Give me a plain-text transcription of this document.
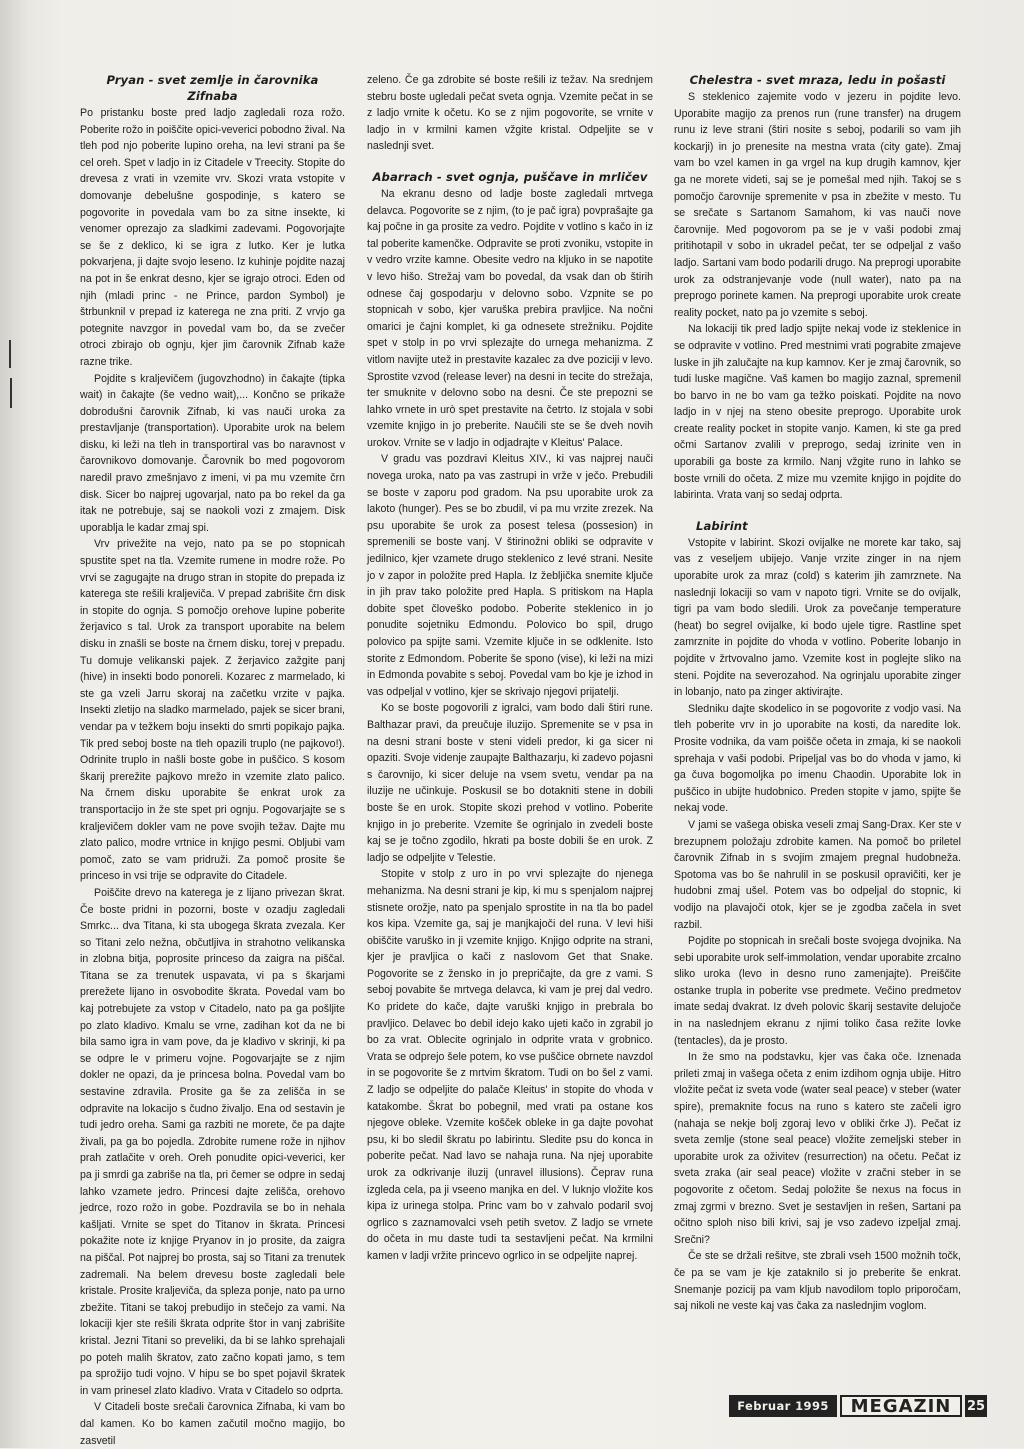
Pryan - svet zemlje in čarovnika Zifnaba

Po pristanku boste pred ladjo zagledali roza rožo. Poberite rožo in poiščite opici-veverici pobodno žival. Na tleh pod njo poberite lupino oreha, na levi strani pa še cel oreh. Spet v ladjo in iz Citadele v Treecity. Stopite do drevesa z vrati in vzemite vrv. Skozi vrata vstopite v domovanje debelušne gospodinje, s katero se pogovorite in povedala vam bo za sitne insekte, ki venomer oprezajo za sladkimi zadevami. Pogovorjajte se še z deklico, ki se igra z lutko. Ker je lutka pokvarjena, ji dajte svojo leseno. Iz kuhinje pojdite nazaj na pot in še enkrat desno, kjer se igrajo otroci. Eden od njih (mladi princ - ne Prince, pardon Symbol) je štrbunknil v prepad iz katerega ne zna priti. Z vrvjo ga potegnite navzgor in povedal vam bo, da se zvečer otroci zbirajo ob ognju, kjer jim čarovnik Zifnab kaže razne trike.

Pojdite s kraljevičem (jugovzhodno) in čakajte (tipka wait) in čakajte (še vedno wait),... Končno se prikaže dobrodušni čarovnik Zifnab, ki vas nauči uroka za prestavljanje (transportation). Uporabite urok na belem disku, ki leži na tleh in transportiral vas bo naravnost v čarovnikovo domovanje. Čarovnik bo med pogovorom naredil pravo zmešnjavo z imeni, vi pa mu vzemite črn disk. Sicer bo najprej ugovarjal, nato pa bo rekel da ga itak ne potrebuje, saj se naokoli vozi z zmajem. Disk uporablja le kadar zmaj spi.

Vrv privežite na vejo, nato pa se po stopnicah spustite spet na tla. Vzemite rumene in modre rože. Po vrvi se zagugajte na drugo stran in stopite do prepada iz katerega ste rešili kraljeviča. V prepad zabrišite črn disk in stopite do ognja. S pomočjo orehove lupine poberite žerjavico s tal. Urok za transport uporabite na belem disku in znašli se boste na črnem disku, torej v prepadu. Tu domuje velikanski pajek. Z žerjavico zažgite panj (hive) in insekti bodo ponoreli. Kozarec z marmelado, ki ste ga vzeli Jarru skoraj na začetku vrzite v pajka. Insekti zletijo na sladko marmelado, pajek se sicer brani, vendar pa v težkem boju insekti do smrti popikajo pajka. Tik pred seboj boste na tleh opazili truplo (ne pajkovo!). Odrinite truplo in našli boste gobe in puščico. S kosom škarij prerežite pajkovo mrežo in vzemite zlato palico. Na črnem disku uporabite še enkrat urok za transportacijo in že ste spet pri ognju. Pogovarjajte se s kraljevičem dokler vam ne pove svojih težav. Dajte mu zlato palico, modre vrtnice in knjigo pesmi. Obljubi vam pomoč, zato se vam pridruži. Za pomoč prosite še princeso in vsi trije se odpravite do Citadele.

Poiščite drevo na katerega je z lijano privezan škrat. Če boste pridni in pozorni, boste v ozadju zagledali Smrkc... dva Titana, ki sta ubogega škrata zvezala. Ker so Titani zelo nežna, občutljiva in strahotno velikanska in zlobna bitja, poprosite princeso da zaigra na piščal. Titana se za trenutek uspavata, vi pa s škarjami prerežete lijano in osvobodite škrata. Povedal vam bo kaj potrebujete za vstop v Citadelo, nato pa ga pošljite po zlato kladivo. Kmalu se vrne, zadihan kot da ne bi bila samo igra in vam pove, da je kladivo v skrinji, ki pa se odpre le v primeru vojne. Pogovarjajte se z njim dokler ne opazi, da je princesa bolna. Povedal vam bo sestavine zdravila. Prosite ga še za zelišča in se odpravite na lokacijo s čudno živaljo. Ena od sestavin je tudi jedro oreha. Sami ga razbiti ne morete, če pa dajte živali, pa ga bo pojedla. Zdrobite rumene rože in njihov prah zatlačite v oreh. Oreh ponudite opici-veverici, ker pa ji smrdi ga zabriše na tla, pri čemer se odpre in sedaj lahko vzamete jedro. Princesi dajte zelišča, orehovo jedrce, rozo rožo in gobe. Pozdravila se bo in nehala kašljati. Vrnite se spet do Titanov in škrata. Princesi pokažite note iz knjige Pryanov in jo prosite, da zaigra na piščal. Pot najprej bo prosta, saj so Titani za trenutek zadremali. Na belem drevesu boste zagledali bele kristale. Prosite kraljeviča, da spleza ponje, nato pa urno zbežite. Titani se takoj prebudijo in stečejo za vami. Na lokaciji kjer ste rešili škrata odprite štor in vanj zabrišite kristal. Jezni Titani so preveliki, da bi se lahko sprehajali po poteh malih škratov, zato začno kopati jamo, s tem pa sprožijo tudi vojno. V hipu se bo spet pojavil škratek in vam prinesel zlato kladivo. Vrata v Citadelo so odprta.

V Citadeli boste srečali čarovnica Zifnaba, ki vam bo dal kamen. Ko bo kamen začutil močno magijo, bo zasvetil

zeleno. Če ga zdrobite sé boste rešili iz težav. Na srednjem stebru boste ugledali pečat sveta ognja. Vzemite pečat in se z ladjo vrnite k očetu. Ko se z njim pogovorite, se vrnite v ladjo in v krmilni kamen vžgite kristal. Odpeljite se v naslednji svet.

Abarrach - svet ognja, puščave in mrličev

Na ekranu desno od ladje boste zagledali mrtvega delavca. Pogovorite se z njim, (to je pač igra) povprašajte ga kaj počne in ga prosite za vedro. Pojdite v votlino s kačo in iz tal poberite kamenčke. Odpravite se proti zvoniku, vstopite in v vedro vrzite kamne. Obesite vedro na kljuko in se napotite v levo hišo. Strežaj vam bo povedal, da vsak dan ob štirih odnese čaj gospodarju v delovno sobo. Vzpnite se po stopnicah v sobo, kjer varuška prebira pravljice. Na nočni omarici je čajni komplet, ki ga odnesete strežniku. Pojdite spet v stolp in po vrvi splezajte do urnega mehanizma. Z vitlom navijte utež in prestavite kazalec za dve poziciji v levo. Sprostite vzvod (release lever) na desni in tecite do strežaja, ter smuknite v delovno sobo na desni. Če ste prepozni se lahko vrnete in urò spet prestavite na četrto. Iz stojala v sobi vzemite knjigo in jo preberite. Naučili ste se še dveh novih urokov. Vrnite se v ladjo in odjadrajte v Kleitus' Palace.

V gradu vas pozdravi Kleitus XIV., ki vas najprej nauči novega uroka, nato pa vas zastrupi in vrže v ječo. Prebudili se boste v zaporu pod gradom. Na psu uporabite urok za lakoto (hunger). Pes se bo zbudil, vi pa mu vrzite zrezek. Na psu uporabite še urok za posest telesa (possesion) in spremenili se boste vanj. V štirinožni obliki se odpravite v jedilnico, kjer vzamete drugo steklenico z levé strani. Nesite jo v zapor in položite pred Hapla. Iz žebljička snemite ključe in jih prav tako položite pred Hapla. S pritiskom na Hapla dobite spet človeško podobo. Poberite steklenico in jo ponudite sojetniku Edmondu. Polovico bo spil, drugo polovico pa spijte sami. Vzemite ključe in se odklenite. Isto storite z Edmondom. Poberite še spono (vise), ki leži na mizi in Edmonda povabite s seboj. Povedal vam bo kje je izhod in vas odpeljal v votlino, kjer se skrivajo njegovi prijatelji.

Ko se boste pogovorili z igralci, vam bodo dali štiri rune. Balthazar pravi, da preučuje iluzijo. Spremenite se v psa in na desni strani boste v steni videli predor, ki ga sicer ni opaziti. Svoje videnje zaupajte Balthazarju, ki zadevo pojasni s čarovnijo, ki sicer deluje na vsem svetu, vendar pa na iluzije ne učinkuje. Poskusil se bo dotakniti stene in dobili boste še en urok. Stopite skozi prehod v votlino. Poberite knjigo in jo preberite. Vzemite še ogrinjalo in zvedeli boste kaj se je točno zgodilo, hkrati pa boste dobili še en urok. Z ladjo se odpeljite v Telestie.

Stopite v stolp z uro in po vrvi splezajte do njenega mehanizma. Na desni strani je kip, ki mu s spenjalom najprej stisnete orožje, nato pa spenjalo sprostite in na tla bo padel kos kipa. Vzemite ga, saj je manjkajoči del runa. V levi hiši obiščite varuško in ji vzemite knjigo. Knjigo odprite na strani, kjer je pravljica o kači z naslovom Get that Snake. Pogovorite se z žensko in jo prepričajte, da gre z vami. S seboj povabite še mrtvega delavca, ki vam je prej dal vedro. Ko pridete do kače, dajte varuški knjigo in prebrala bo pravljico. Delavec bo debil idejo kako ujeti kačo in zgrabil jo bo za vrat. Oblecite ogrinjalo in odprite vrata v grobnico. Vrata se odprejo šele potem, ko vse puščice obrnete navzdol in se pogovorite še z mrtvim škratom. Tudi on bo šel z vami. Z ladjo se odpeljite do palače Kleitus' in stopite do vhoda v katakombe. Škrat bo pobegnil, med vrati pa ostane kos njegove obleke. Vzemite košček obleke in ga dajte povohat psu, ki bo sledil škratu po labirintu. Sledite psu do konca in poberite pečat. Nad lavo se nahaja runa. Na njej uporabite urok za odkrivanje iluzij (unravel illusions). Čeprav runa izgleda cela, pa ji vseeno manjka en del. V luknjo vložite kos kipa iz urinega stolpa. Princ vam bo v zahvalo podaril svoj ogrlico s zaznamovalci vseh petih svetov. Z ladjo se vrnete do očeta in mu daste tudi ta sestavljeni pečat. Na krmilni kamen v ladji vržite princevo ogrlico in se odpeljite naprej.

Chelestra - svet mraza, ledu in pošasti

S steklenico zajemite vodo v jezeru in pojdite levo. Uporabite magijo za prenos run (rune transfer) na drugem runu iz leve strani (štiri nosite s seboj, podarili so vam jih kockarji) in jo prenesite na mestna vrata (city gate). Zmaj vam bo vzel kamen in ga vrgel na kup drugih kamnov, kjer ga ne morete videti, saj se je pomešal med njih. Takoj se s pomočjo čarovnije spremenite v psa in zbežite v mesto. Tu se srečate s Sartanom Samahom, ki vas nauči nove čarovnije. Med pogovorom pa se je v vaši podobi zmaj pritihotapil v sobo in ukradel pečat, ter se odpeljal z vašo ladjo. Sartani vam bodo podarili drugo. Na preprogi uporabite urok za odstranjevanje vode (null water), nato pa na preprogo porinete kamen. Na preprogi uporabite urok create reality pocket, nato pa jo vzemite s seboj.

Na lokaciji tik pred ladjo spijte nekaj vode iz steklenice in se odpravite v votlino. Pred mestnimi vrati pograbite zmajeve luske in jih zalučajte na kup kamnov. Ker je zmaj čarovnik, so tudi luske magične. Vaš kamen bo magijo zaznal, spremenil bo barvo in ne bo vam ga težko poiskati. Pojdite na novo ladjo in v njej na steno obesite preprogo. Uporabite urok create reality pocket in stopite vanjo. Kamen, ki ste ga pred očmi Sartanov zvalili v preprogo, sedaj izrinite ven in uporabili ga boste za krmilo. Nanj vžgite runo in lahko se boste vrnili do očeta. Z mize mu vzemite knjigo in pojdite do labirinta. Vrata vanj so sedaj odprta.

Labirint

Vstopite v labirint. Skozi ovijalke ne morete kar tako, saj vas z veseljem ubijejo. Vanje vrzite zinger in na njem uporabite urok za mraz (cold) s katerim jih zamrznete. Na naslednji lokaciji so vam v napoto tigri. Vrnite se do ovijalk, tigri pa vam bodo sledili. Urok za povečanje temperature (heat) bo segrel ovijalke, ki bodo ujele tigre. Rastline spet zamrznite in pojdite do vhoda v votlino. Poberite lobanjo in pojdite v žrtvovalno jamo. Vzemite kost in poglejte sliko na steni. Pojdite na severozahod. Na ogrinjalu uporabite zinger in lobanjo, nato pa zinger aktivirajte.

Sledniku dajte skodelico in se pogovorite z vodjo vasi. Na tleh poberite vrv in jo uporabite na kosti, da naredite lok. Prosite vodnika, da vam poišče očeta in zmaja, ki se naokoli sprehaja v vaši podobi. Pripeljal vas bo do vhoda v jamo, ki ga čuva bogomoljka po imenu Chaodin. Uporabite lok in puščico in ubijte hudobnico. Preden stopite v jamo, spijte še nekaj vode.

V jami se vašega obiska veseli zmaj Sang-Drax. Ker ste v brezupnem položaju zdrobite kamen. Na pomoč bo priletel čarovnik Zifnab in s svojim zmajem pregnal hudobneža. Spotoma vas bo še nahrulil in se poskusil opravičiti, ker je hudobni zmaj ušel. Potem vas bo odpeljal do stopnic, ki vodijo na plavajoči otok, kjer se je zgodba začela in svet razbil.

Pojdite po stopnicah in srečali boste svojega dvojnika. Na sebi uporabite urok self-immolation, vendar uporabite zrcalno sliko uroka (levo in desno runo zamenjajte). Preiščite ostanke trupla in poberite vse predmete. Večino predmetov imate sedaj dvakrat. Iz dveh polovic škarij sestavite delujoče in na naslednjem ekranu z njimi toliko časa režite lovke (tentacles), da je prosto.

In že smo na podstavku, kjer vas čaka oče. Iznenada prileti zmaj in vašega očeta z enim izdihom ognja ubije. Hitro vložite pečat iz sveta vode (water seal peace) v steber (water spire), premaknite focus na runo s katero ste začeli igro (nahaja se nekje bolj zgoraj levo v obliki črke J). Pečat iz sveta zemlje (stone seal peace) vložite zemeljski steber in uporabite urok za oživitev (resurrection) na očetu. Pečat iz sveta zraka (air seal peace) vložite v zračni steber in se pogovorite z očetom. Sedaj položite še nexus na focus in zmaj zgrmi v brezno. Svet je sestavljen in rešen, Sartani pa očitno sploh niso bili krivi, saj je vso zadevo izpeljal zmaj. Srečni?

Če ste se držali rešitve, ste zbrali vseh 1500 možnih točk, če pa se vam je kje zataknilo si jo preberite še enkrat. Snemanje pozicij pa vam kljub navodilom toplo priporočam, saj nikoli ne veste kaj vas čaka za naslednjim voglom.

Februar 1995	MEGAZIN	25
